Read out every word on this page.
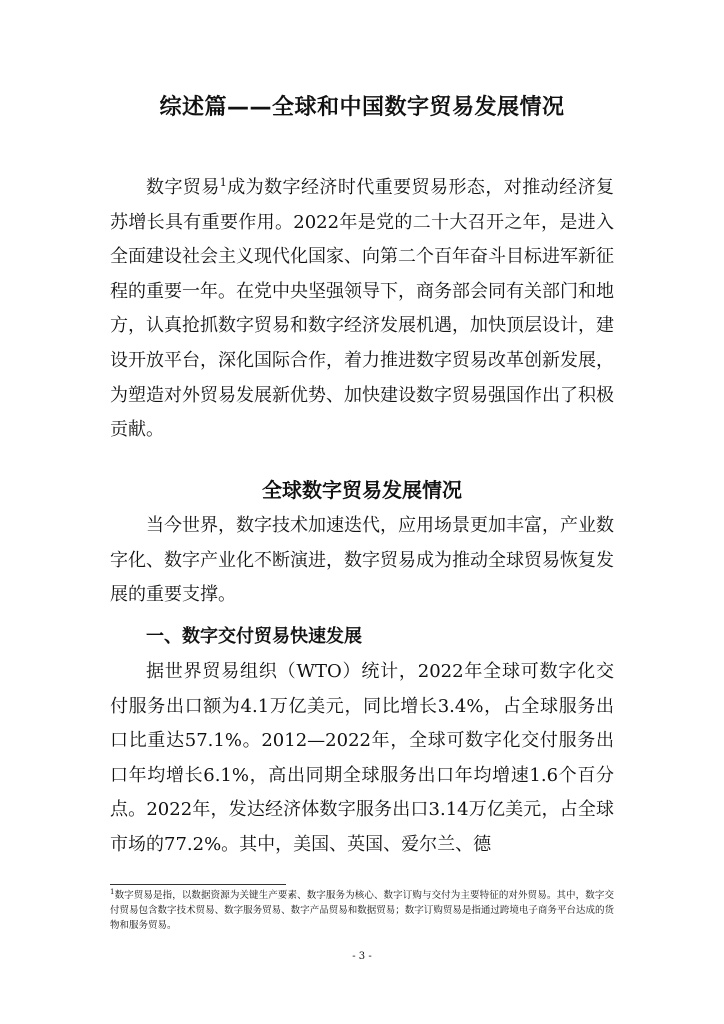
综述篇——全球和中国数字贸易发展情况

数字贸易$^1$成为数字经济时代重要贸易形态，对推动经济复苏增长具有重要作用。2022年是党的二十大召开之年，是进入全面建设社会主义现代化国家、向第二个百年奋斗目标进军新征程的重要一年。在党中央坚强领导下，商务部会同有关部门和地方，认真抢抓数字贸易和数字经济发展机遇，加快顶层设计，建设开放平台，深化国际合作，着力推进数字贸易改革创新发展，为塑造对外贸易发展新优势、加快建设数字贸易强国作出了积极贡献。

全球数字贸易发展情况

当今世界，数字技术加速迭代，应用场景更加丰富，产业数字化、数字产业化不断演进，数字贸易成为推动全球贸易恢复发展的重要支撑。

一、数字交付贸易快速发展

据世界贸易组织（WTO）统计，2022年全球可数字化交付服务出口额为4.1万亿美元，同比增长3.4%，占全球服务出口比重达57.1%。2012—2022年，全球可数字化交付服务出口年均增长6.1%，高出同期全球服务出口年均增速1.6个百分点。2022年，发达经济体数字服务出口3.14万亿美元，占全球市场的77.2%。其中，美国、英国、爱尔兰、德

$^1$数字贸易是指，以数据资源为关键生产要素、数字服务为核心、数字订购与交付为主要特征的对外贸易。其中，数字交付贸易包含数字技术贸易、数字服务贸易、数字产品贸易和数据贸易；数字订购贸易是指通过跨境电子商务平台达成的货物和服务贸易。

- 3 -
